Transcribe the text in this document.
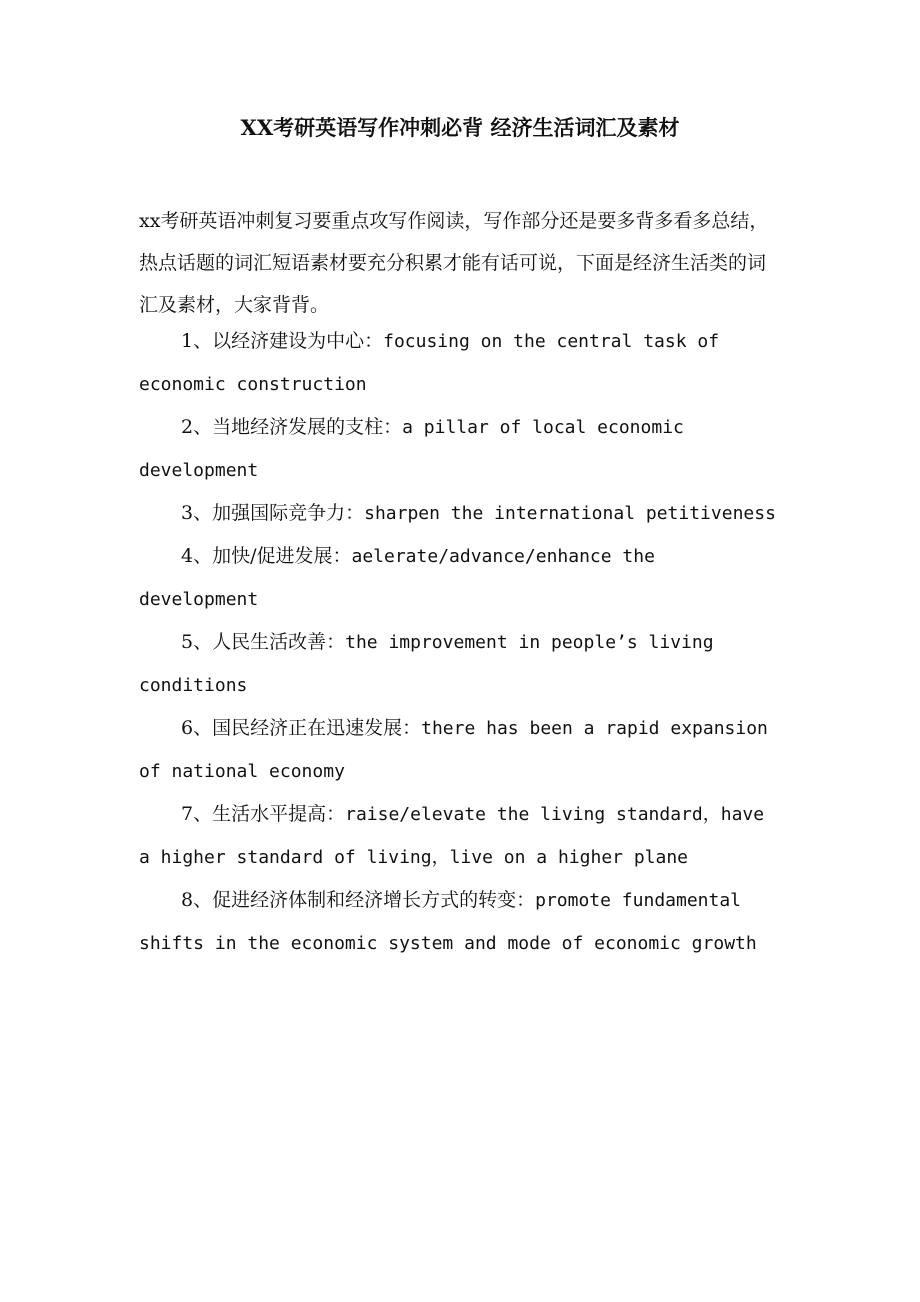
XX考研英语写作冲刺必背 经济生活词汇及素材

xx考研英语冲刺复习要重点攻写作阅读，写作部分还是要多背多看多总结，热点话题的词汇短语素材要充分积累才能有话可说，下面是经济生活类的词汇及素材，大家背背。

1、以经济建设为中心：focusing on the central task of economic construction
2、当地经济发展的支柱：a pillar of local economic development
3、加强国际竞争力：sharpen the international petitiveness
4、加快/促进发展：aelerate/advance/enhance the development
5、人民生活改善：the improvement in people’s living conditions
6、国民经济正在迅速发展：there has been a rapid expansion of national economy
7、生活水平提高：raise/elevate the living standard，have a higher standard of living，live on a higher plane
8、促进经济体制和经济增长方式的转变：promote fundamental shifts in the economic system and mode of economic growth
